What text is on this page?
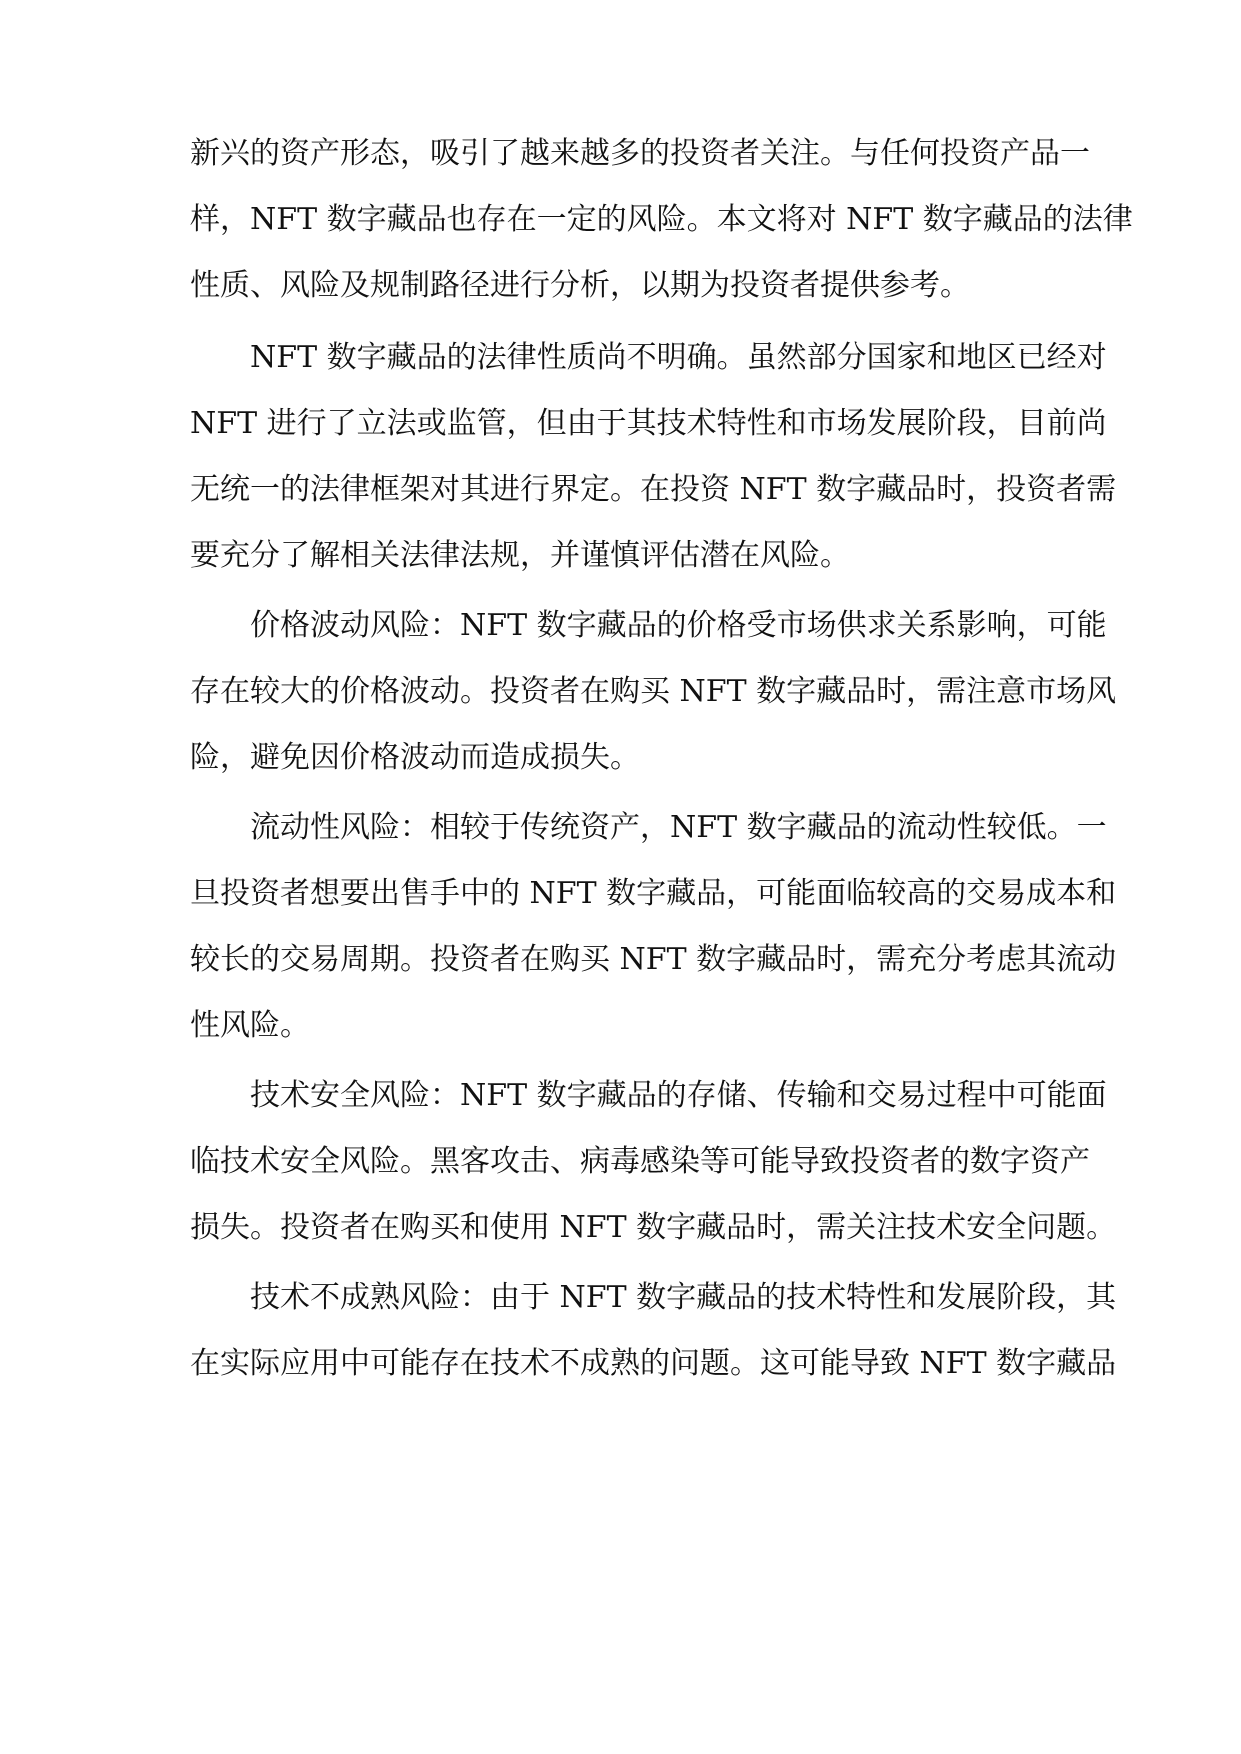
新兴的资产形态，吸引了越来越多的投资者关注。与任何投资产品一
样，NFT 数字藏品也存在一定的风险。本文将对 NFT 数字藏品的法律
性质、风险及规制路径进行分析，以期为投资者提供参考。
NFT 数字藏品的法律性质尚不明确。虽然部分国家和地区已经对
NFT 进行了立法或监管，但由于其技术特性和市场发展阶段，目前尚
无统一的法律框架对其进行界定。在投资 NFT 数字藏品时，投资者需
要充分了解相关法律法规，并谨慎评估潜在风险。
价格波动风险：NFT 数字藏品的价格受市场供求关系影响，可能
存在较大的价格波动。投资者在购买 NFT 数字藏品时，需注意市场风
险，避免因价格波动而造成损失。
流动性风险：相较于传统资产，NFT 数字藏品的流动性较低。一
旦投资者想要出售手中的 NFT 数字藏品，可能面临较高的交易成本和
较长的交易周期。投资者在购买 NFT 数字藏品时，需充分考虑其流动
性风险。
技术安全风险：NFT 数字藏品的存储、传输和交易过程中可能面
临技术安全风险。黑客攻击、病毒感染等可能导致投资者的数字资产
损失。投资者在购买和使用 NFT 数字藏品时，需关注技术安全问题。
技术不成熟风险：由于 NFT 数字藏品的技术特性和发展阶段，其
在实际应用中可能存在技术不成熟的问题。这可能导致 NFT 数字藏品
